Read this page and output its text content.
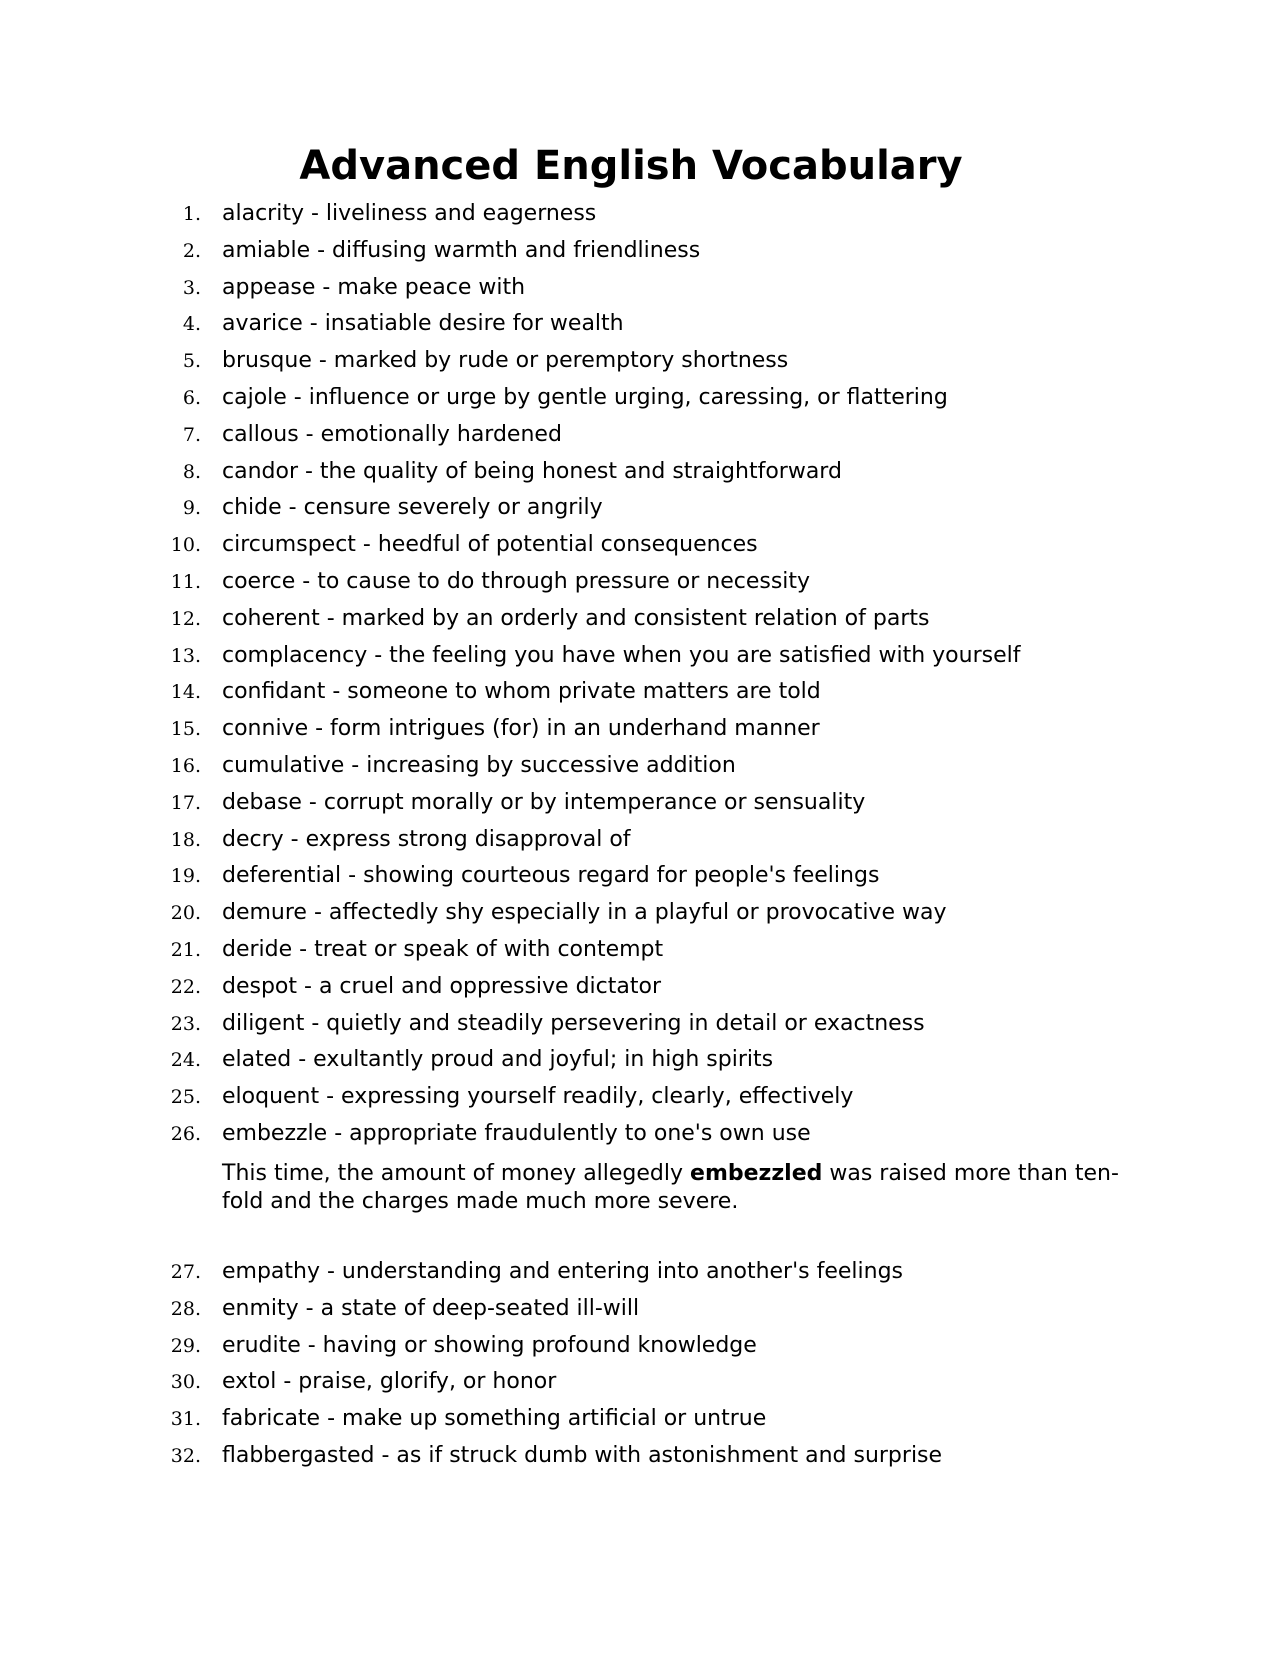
Advanced English Vocabulary
1. alacrity - liveliness and eagerness
2. amiable - diffusing warmth and friendliness
3. appease - make peace with
4. avarice - insatiable desire for wealth
5. brusque - marked by rude or peremptory shortness
6. cajole - influence or urge by gentle urging, caressing, or flattering
7. callous - emotionally hardened
8. candor - the quality of being honest and straightforward
9. chide - censure severely or angrily
10. circumspect - heedful of potential consequences
11. coerce - to cause to do through pressure or necessity
12. coherent - marked by an orderly and consistent relation of parts
13. complacency - the feeling you have when you are satisfied with yourself
14. confidant - someone to whom private matters are told
15. connive - form intrigues (for) in an underhand manner
16. cumulative - increasing by successive addition
17. debase - corrupt morally or by intemperance or sensuality
18. decry - express strong disapproval of
19. deferential - showing courteous regard for people's feelings
20. demure - affectedly shy especially in a playful or provocative way
21. deride - treat or speak of with contempt
22. despot - a cruel and oppressive dictator
23. diligent - quietly and steadily persevering in detail or exactness
24. elated - exultantly proud and joyful; in high spirits
25. eloquent - expressing yourself readily, clearly, effectively
26. embezzle - appropriate fraudulently to one's own use
27. empathy - understanding and entering into another's feelings
28. enmity - a state of deep-seated ill-will
29. erudite - having or showing profound knowledge
30. extol - praise, glorify, or honor
31. fabricate - make up something artificial or untrue
32. flabbergasted - as if struck dumb with astonishment and surprise

This time, the amount of money allegedly embezzled was raised more than ten-fold and the charges made much more severe.
